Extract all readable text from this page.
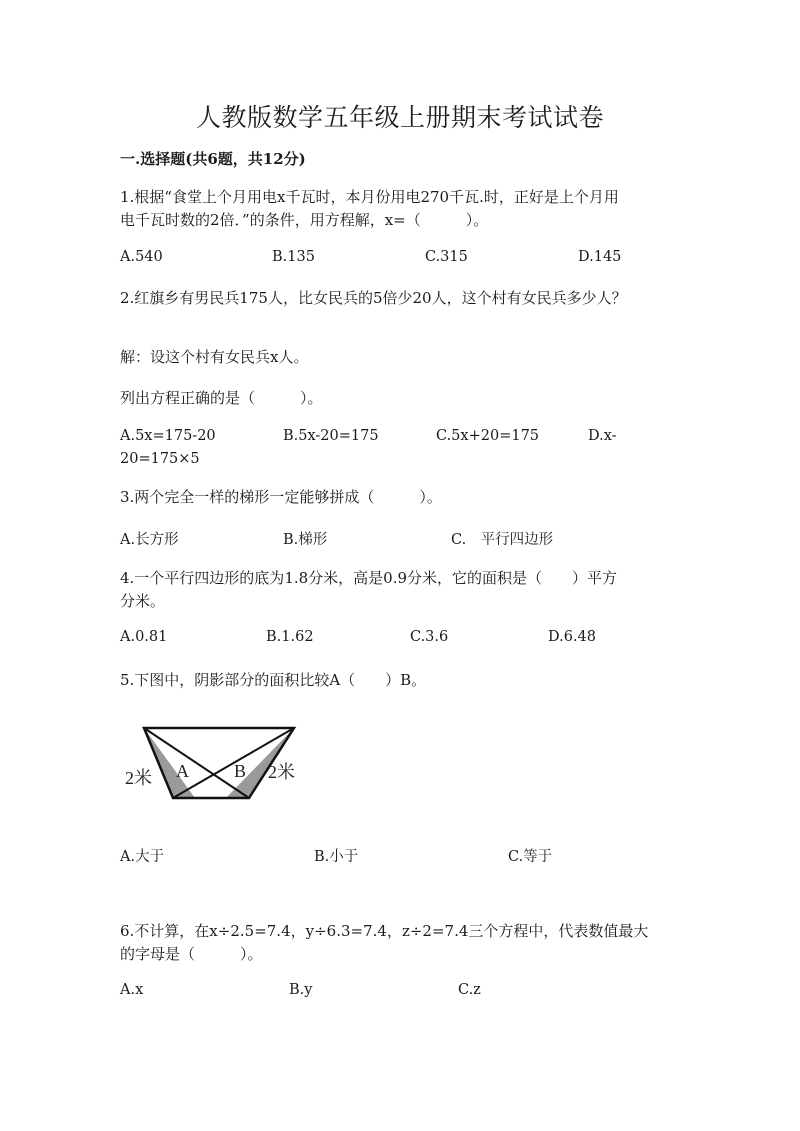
人教版数学五年级上册期末考试试卷
一.选择题(共6题，共12分)
1.根据“食堂上个月用电x千瓦时，本月份用电270千瓦.时，正好是上个月用
电千瓦时数的2倍．”的条件，用方程解，x=（　　　）。
A.540	B.135	C.315	D.145
2.红旗乡有男民兵175人，比女民兵的5倍少20人，这个村有女民兵多少人？
解：设这个村有女民兵x人。
列出方程正确的是（　　　）。
A.5x=175-20	B.5x-20=175	C.5x+20=175	D.x-
20=175×5
3.两个完全一样的梯形一定能够拼成（　　　）。
A.长方形	B.梯形	C.　平行四边形
4.一个平行四边形的底为1.8分米，高是0.9分米，它的面积是（　　）平方
分米。
A.0.81	B.1.62	C.3.6	D.6.48
5.下图中，阴影部分的面积比较A（　　）B。
A	B
2米	2米
A.大于	B.小于	C.等于
6.不计算，在x÷2.5=7.4，y÷6.3=7.4，z÷2=7.4三个方程中，代表数值最大
的字母是（　　　）。
A.x	B.y	C.z
